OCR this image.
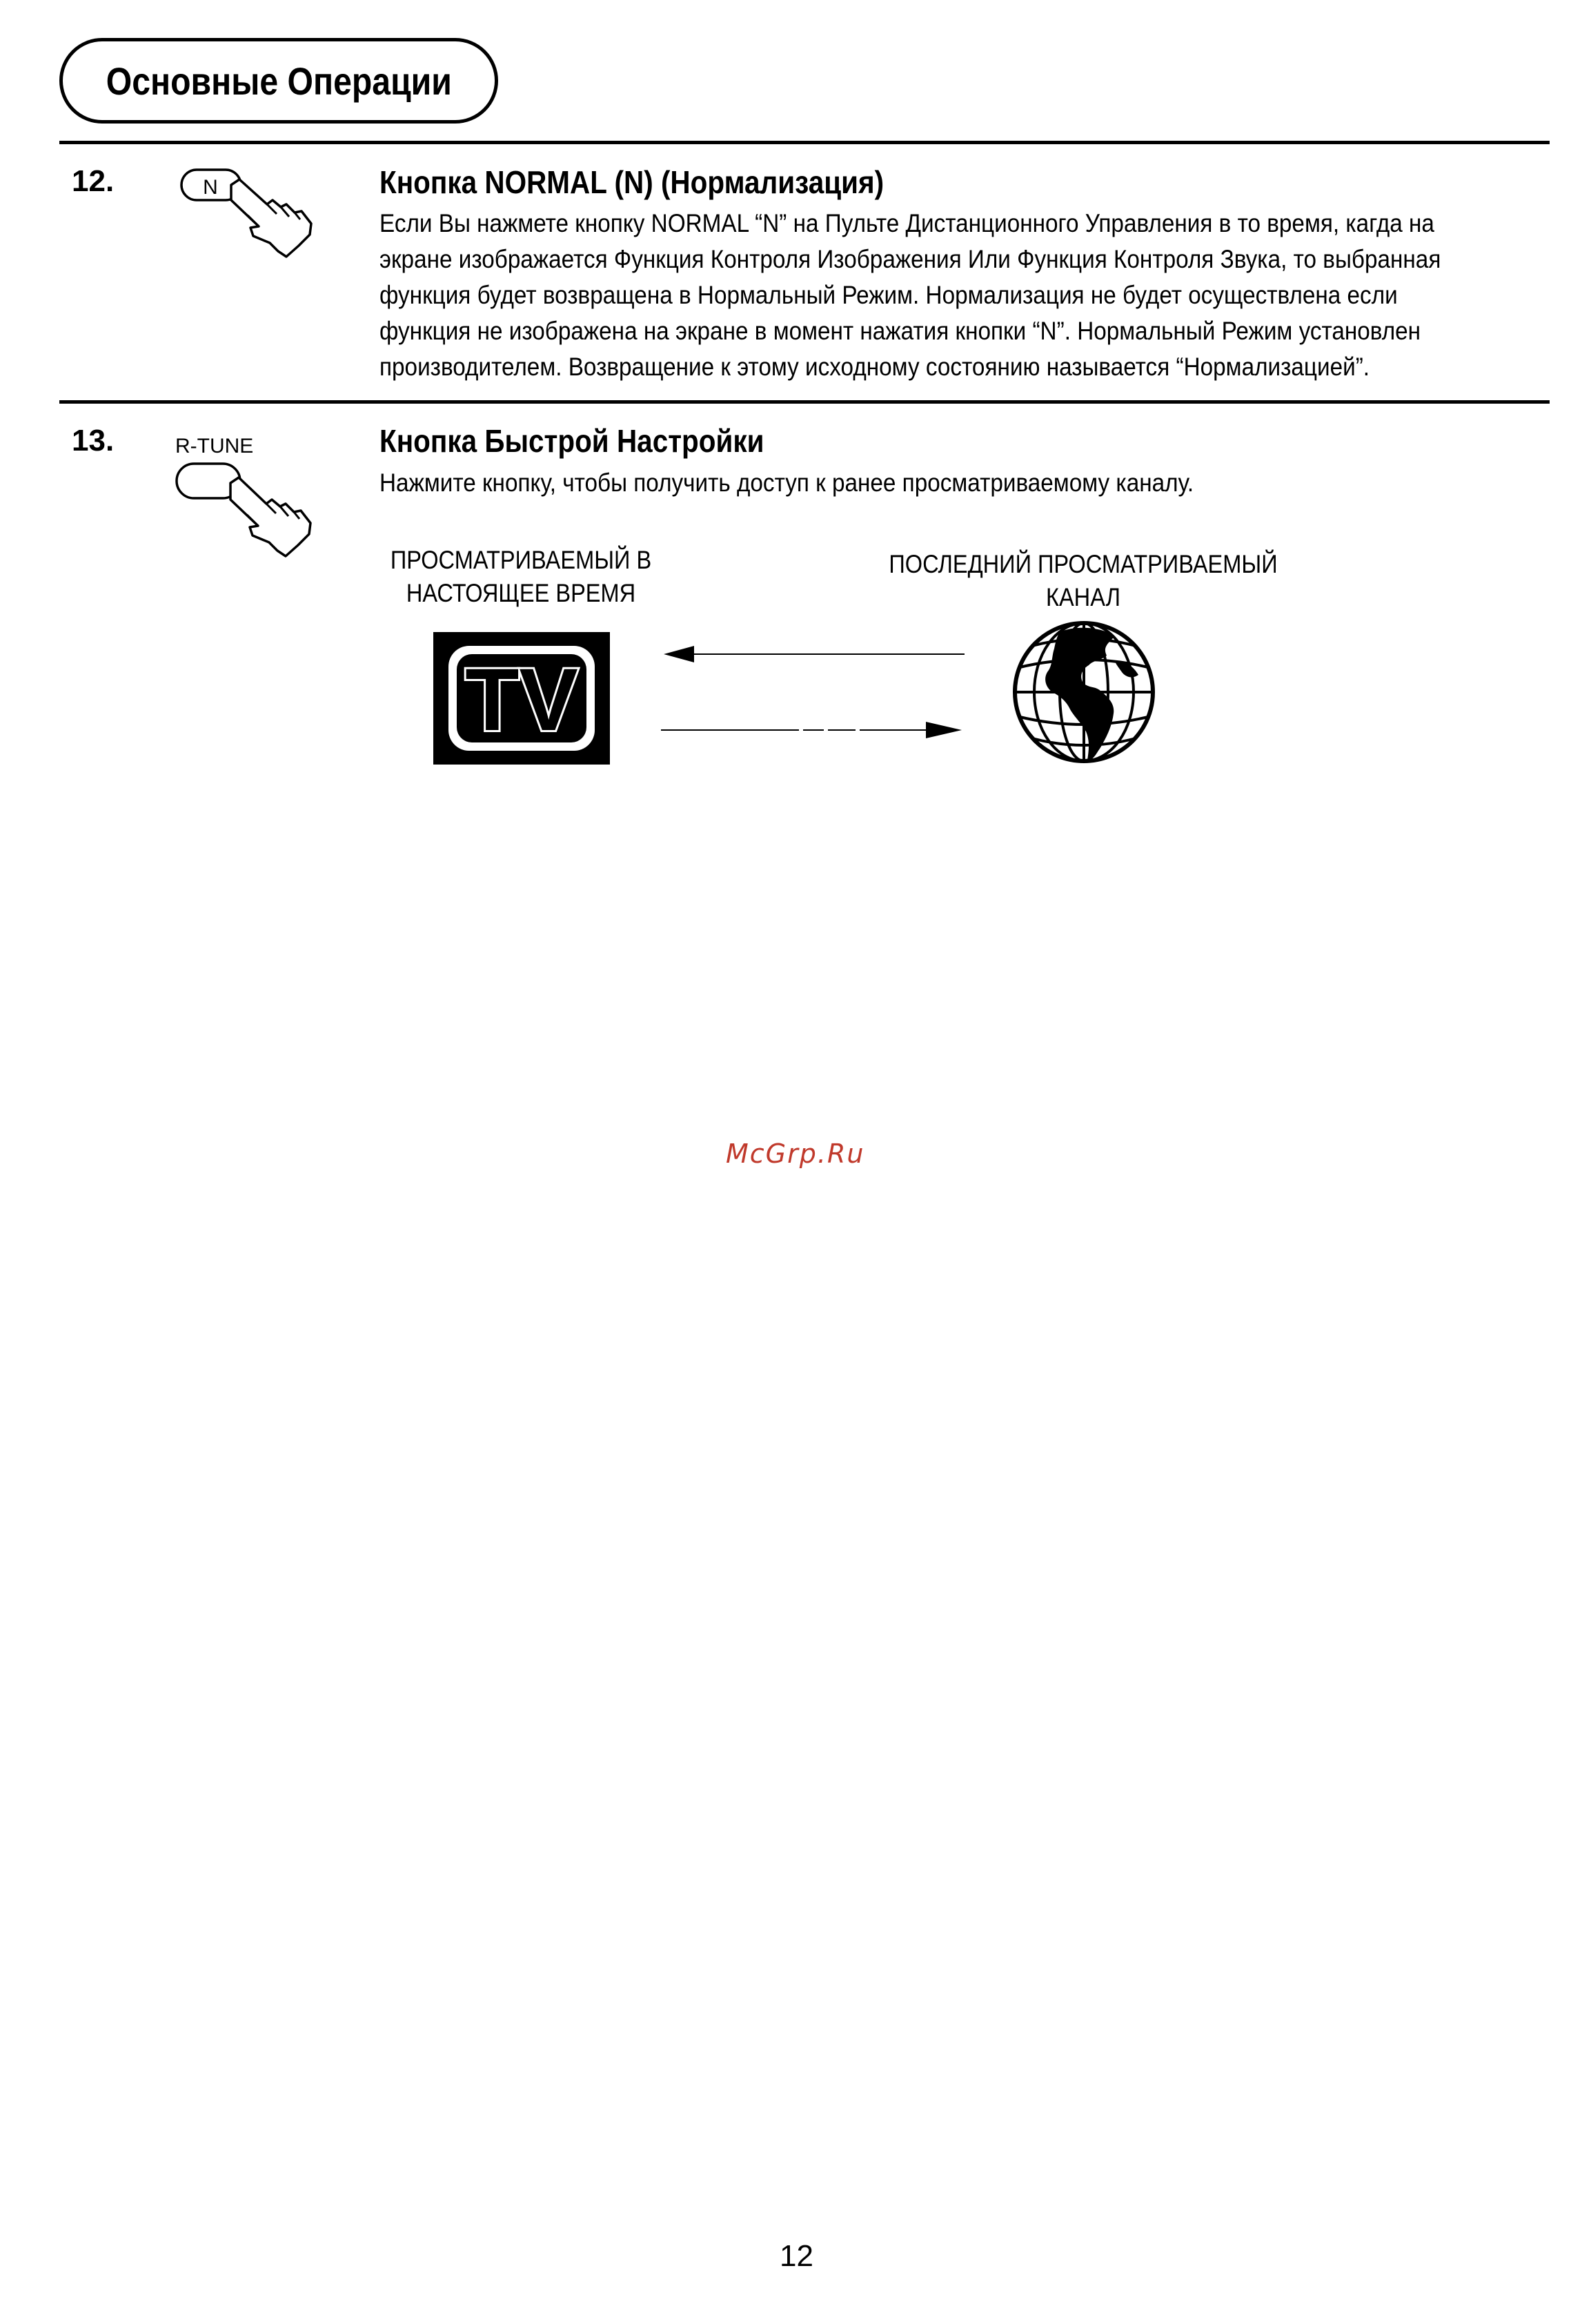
Основные Операции
12.	N	Кнопка NORMAL (N) (Нормализация)
Если Вы нажмете кнопку NORMAL “N” на Пульте Дистанционного Управления в то время, кагда на
экране изображается Функция Контроля Изображения Или Функция Контроля Звука, то выбранная
функция будет возвращена в Нормальный Режим. Нормализация не будет осуществлена если
функция не изображена на экране в момент нажатия кнопки “N”. Нормальный Режим установлен
производителем. Возвращение к этому исходному состоянию называется “Нормализацией”.
13.	R-TUNE	Кнопка Быстрой Настройки
Нажмите кнопку, чтобы получить доступ к ранее просматриваемому каналу.
ПРОСМАТРИВАЕМЫЙ В
НАСТОЯЩЕЕ ВРЕМЯ
ПОСЛЕДНИЙ ПРОСМАТРИВАЕМЫЙ
КАНАЛ
TV
McGrp.Ru
12
